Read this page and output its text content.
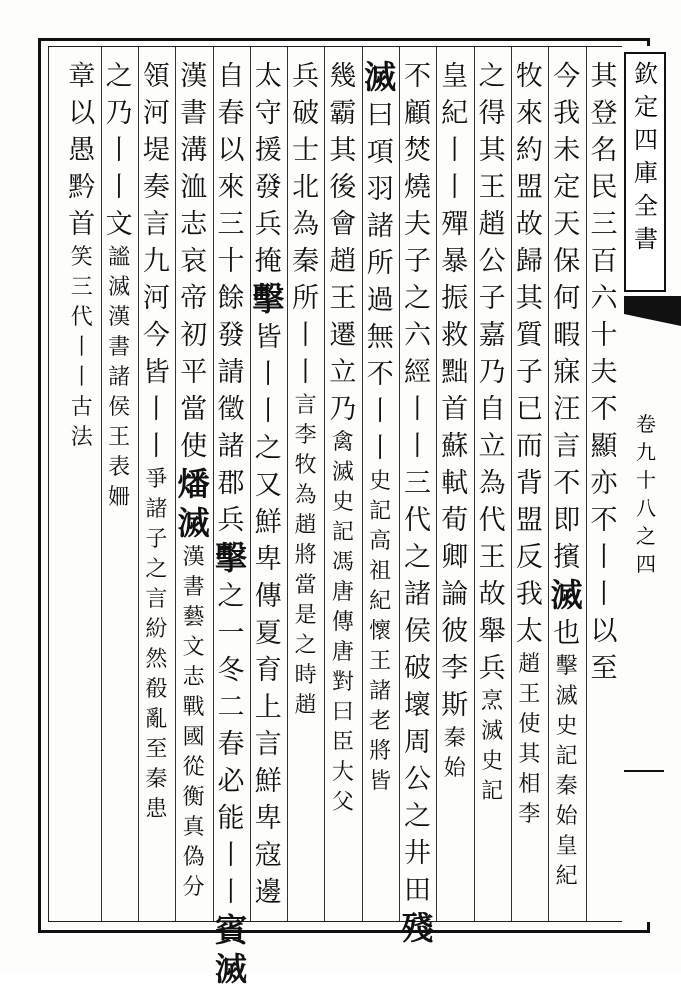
欽
定
四
庫
全
書
卷
九
十
八
之
四
其
登
名
民
三
百
六
十
夫
不
顯
亦
不
丨
丨
以
至
今
我
未
定
天
保
何
暇
寐
汪
言
不
即
擯
滅
也
擊
滅
史
記
秦
始
皇
紀
牧
來
約
盟
故
歸
其
質
子
已
而
背
盟
反
我
太
趙
王
使
其
相
李
之
得
其
王
趙
公
子
嘉
乃
自
立
為
代
王
故
舉
兵
烹
滅
史
記
皇
紀
丨
丨
殫
暴
振
救
黜
首
蘇
軾
荀
卿
論
彼
李
斯
秦
始
不
顧
焚
燒
夫
子
之
六
經
丨
丨
三
代
之
諸
侯
破
壞
周
公
之
井
田
殘
滅
曰
項
羽
諸
所
過
無
不
丨
丨
史
記
高
祖
紀
懷
王
諸
老
將
皆
幾
霸
其
後
會
趙
王
遷
立
乃
禽
滅
史
記
馮
唐
傳
唐
對
曰
臣
大
父
兵
破
士
北
為
秦
所
丨
丨
言
李
牧
為
趙
將
當
是
之
時
趙
太
守
援
發
兵
掩
擊
皆
丨
丨
之
又
鮮
卑
傳
夏
育
上
言
鮮
卑
寇
邊
自
春
以
來
三
十
餘
發
請
徵
諸
郡
兵
擊
之
一
冬
二
春
必
能
丨
丨
賓
滅
漢
書
溝
洫
志
哀
帝
初
平
當
使
燔
滅
漢
書
藝
文
志
戰
國
從
衡
真
偽
分
領
河
堤
奏
言
九
河
今
皆
丨
丨
爭
諸
子
之
言
紛
然
殽
亂
至
秦
患
之
乃
丨
丨
文
謐
滅
漢
書
諸
侯
王
表
姍
章
以
愚
黔
首
笑
三
代
丨
丨
古
法
